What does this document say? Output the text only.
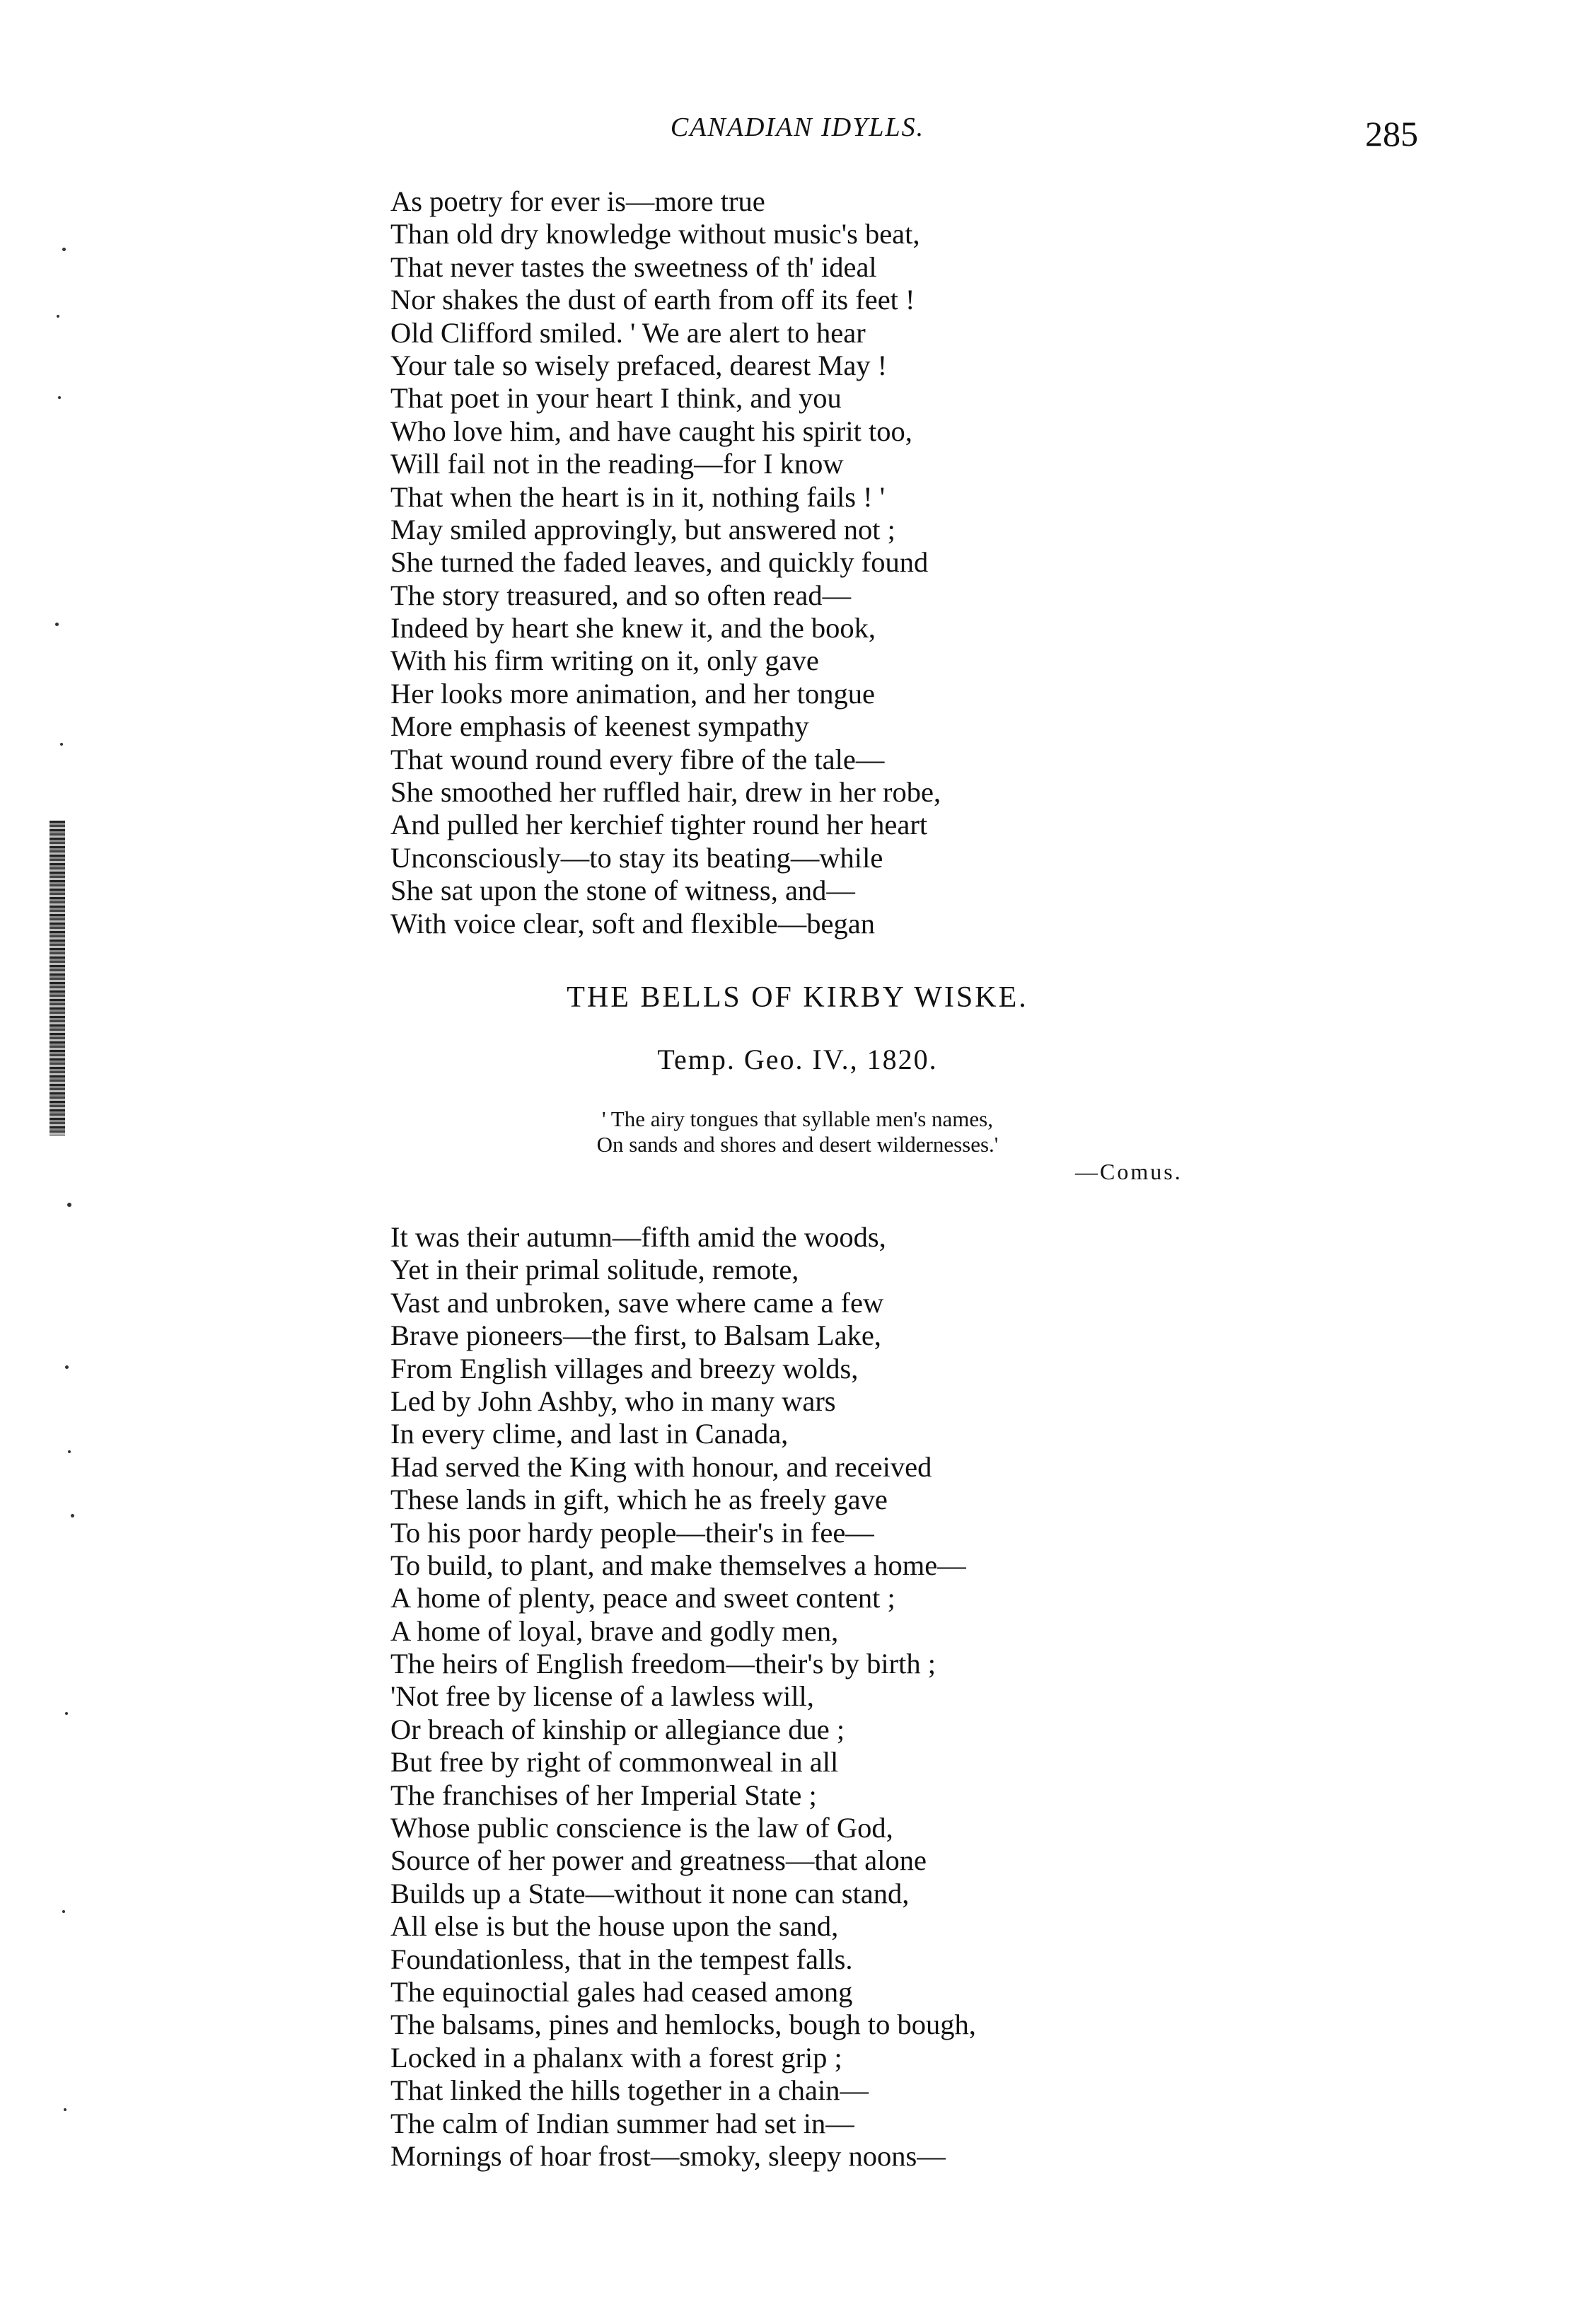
CANADIAN IDYLLS.	285
As poetry for ever is—more true
Than old dry knowledge without music's beat,
That never tastes the sweetness of th' ideal
Nor shakes the dust of earth from off its feet !
Old Clifford smiled. ' We are alert to hear
Your tale so wisely prefaced, dearest May !
That poet in your heart I think, and you
Who love him, and have caught his spirit too,
Will fail not in the reading—for I know
That when the heart is in it, nothing fails ! '
May smiled approvingly, but answered not ;
She turned the faded leaves, and quickly found
The story treasured, and so often read—
Indeed by heart she knew it, and the book,
With his firm writing on it, only gave
Her looks more animation, and her tongue
More emphasis of keenest sympathy
That wound round every fibre of the tale—
She smoothed her ruffled hair, drew in her robe,
And pulled her kerchief tighter round her heart
Unconsciously—to stay its beating—while
She sat upon the stone of witness, and—
With voice clear, soft and flexible—began
THE BELLS OF KIRBY WISKE.
Temp. Geo. IV., 1820.
' The airy tongues that syllable men's names,
On sands and shores and desert wildernesses.'
—Comus.
It was their autumn—fifth amid the woods,
Yet in their primal solitude, remote,
Vast and unbroken, save where came a few
Brave pioneers—the first, to Balsam Lake,
From English villages and breezy wolds,
Led by John Ashby, who in many wars
In every clime, and last in Canada,
Had served the King with honour, and received
These lands in gift, which he as freely gave
To his poor hardy people—their's in fee—
To build, to plant, and make themselves a home—
A home of plenty, peace and sweet content ;
A home of loyal, brave and godly men,
The heirs of English freedom—their's by birth ;
'Not free by license of a lawless will,
Or breach of kinship or allegiance due ;
But free by right of commonweal in all
The franchises of her Imperial State ;
Whose public conscience is the law of God,
Source of her power and greatness—that alone
Builds up a State—without it none can stand,
All else is but the house upon the sand,
Foundationless, that in the tempest falls.
The equinoctial gales had ceased among
The balsams, pines and hemlocks, bough to bough,
Locked in a phalanx with a forest grip ;
That linked the hills together in a chain—
The calm of Indian summer had set in—
Mornings of hoar frost—smoky, sleepy noons—
